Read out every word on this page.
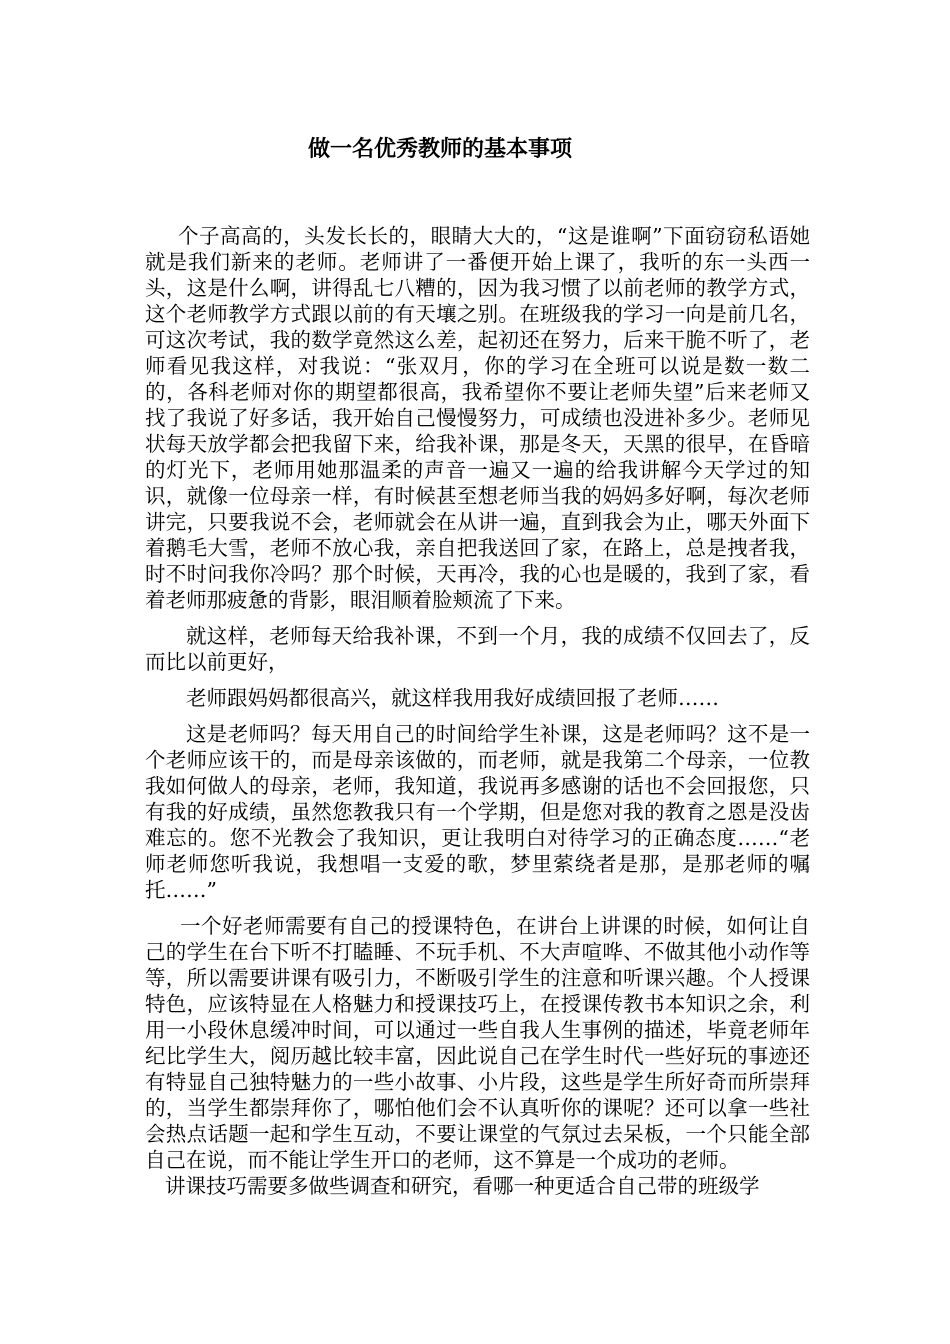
做一名优秀教师的基本事项

个子高高的，头发长长的，眼睛大大的，“这是谁啊”下面窃窃私语她就是我们新来的老师。老师讲了一番便开始上课了，我听的东一头西一头，这是什么啊，讲得乱七八糟的，因为我习惯了以前老师的教学方式，这个老师教学方式跟以前的有天壤之别。在班级我的学习一向是前几名，可这次考试，我的数学竟然这么差，起初还在努力，后来干脆不听了，老师看见我这样，对我说：“张双月，你的学习在全班可以说是数一数二的，各科老师对你的期望都很高，我希望你不要让老师失望”后来老师又找了我说了好多话，我开始自己慢慢努力，可成绩也没进补多少。老师见状每天放学都会把我留下来，给我补课，那是冬天，天黑的很早，在昏暗的灯光下，老师用她那温柔的声音一遍又一遍的给我讲解今天学过的知识，就像一位母亲一样，有时候甚至想老师当我的妈妈多好啊，每次老师讲完，只要我说不会，老师就会在从讲一遍，直到我会为止，哪天外面下着鹅毛大雪，老师不放心我，亲自把我送回了家，在路上，总是拽者我，时不时问我你冷吗？那个时候，天再冷，我的心也是暖的，我到了家，看着老师那疲惫的背影，眼泪顺着脸颊流了下来。

就这样，老师每天给我补课，不到一个月，我的成绩不仅回去了，反而比以前更好，

老师跟妈妈都很高兴，就这样我用我好成绩回报了老师……

这是老师吗？每天用自己的时间给学生补课，这是老师吗？这不是一个老师应该干的，而是母亲该做的，而老师，就是我第二个母亲，一位教我如何做人的母亲，老师，我知道，我说再多感谢的话也不会回报您，只有我的好成绩，虽然您教我只有一个学期，但是您对我的教育之恩是没齿难忘的。您不光教会了我知识，更让我明白对待学习的正确态度……“老师老师您听我说，我想唱一支爱的歌，梦里萦绕者是那，是那老师的嘱托……”

一个好老师需要有自己的授课特色，在讲台上讲课的时候，如何让自己的学生在台下听不打瞌睡、不玩手机、不大声喧哗、不做其他小动作等等，所以需要讲课有吸引力，不断吸引学生的注意和听课兴趣。个人授课特色，应该特显在人格魅力和授课技巧上，在授课传教书本知识之余，利用一小段休息缓冲时间，可以通过一些自我人生事例的描述，毕竟老师年纪比学生大，阅历越比较丰富，因此说自己在学生时代一些好玩的事迹还有特显自己独特魅力的一些小故事、小片段，这些是学生所好奇而所崇拜的，当学生都崇拜你了，哪怕他们会不认真听你的课呢？还可以拿一些社会热点话题一起和学生互动，不要让课堂的气氛过去呆板，一个只能全部自己在说，而不能让学生开口的老师，这不算是一个成功的老师。

讲课技巧需要多做些调查和研究，看哪一种更适合自己带的班级学
